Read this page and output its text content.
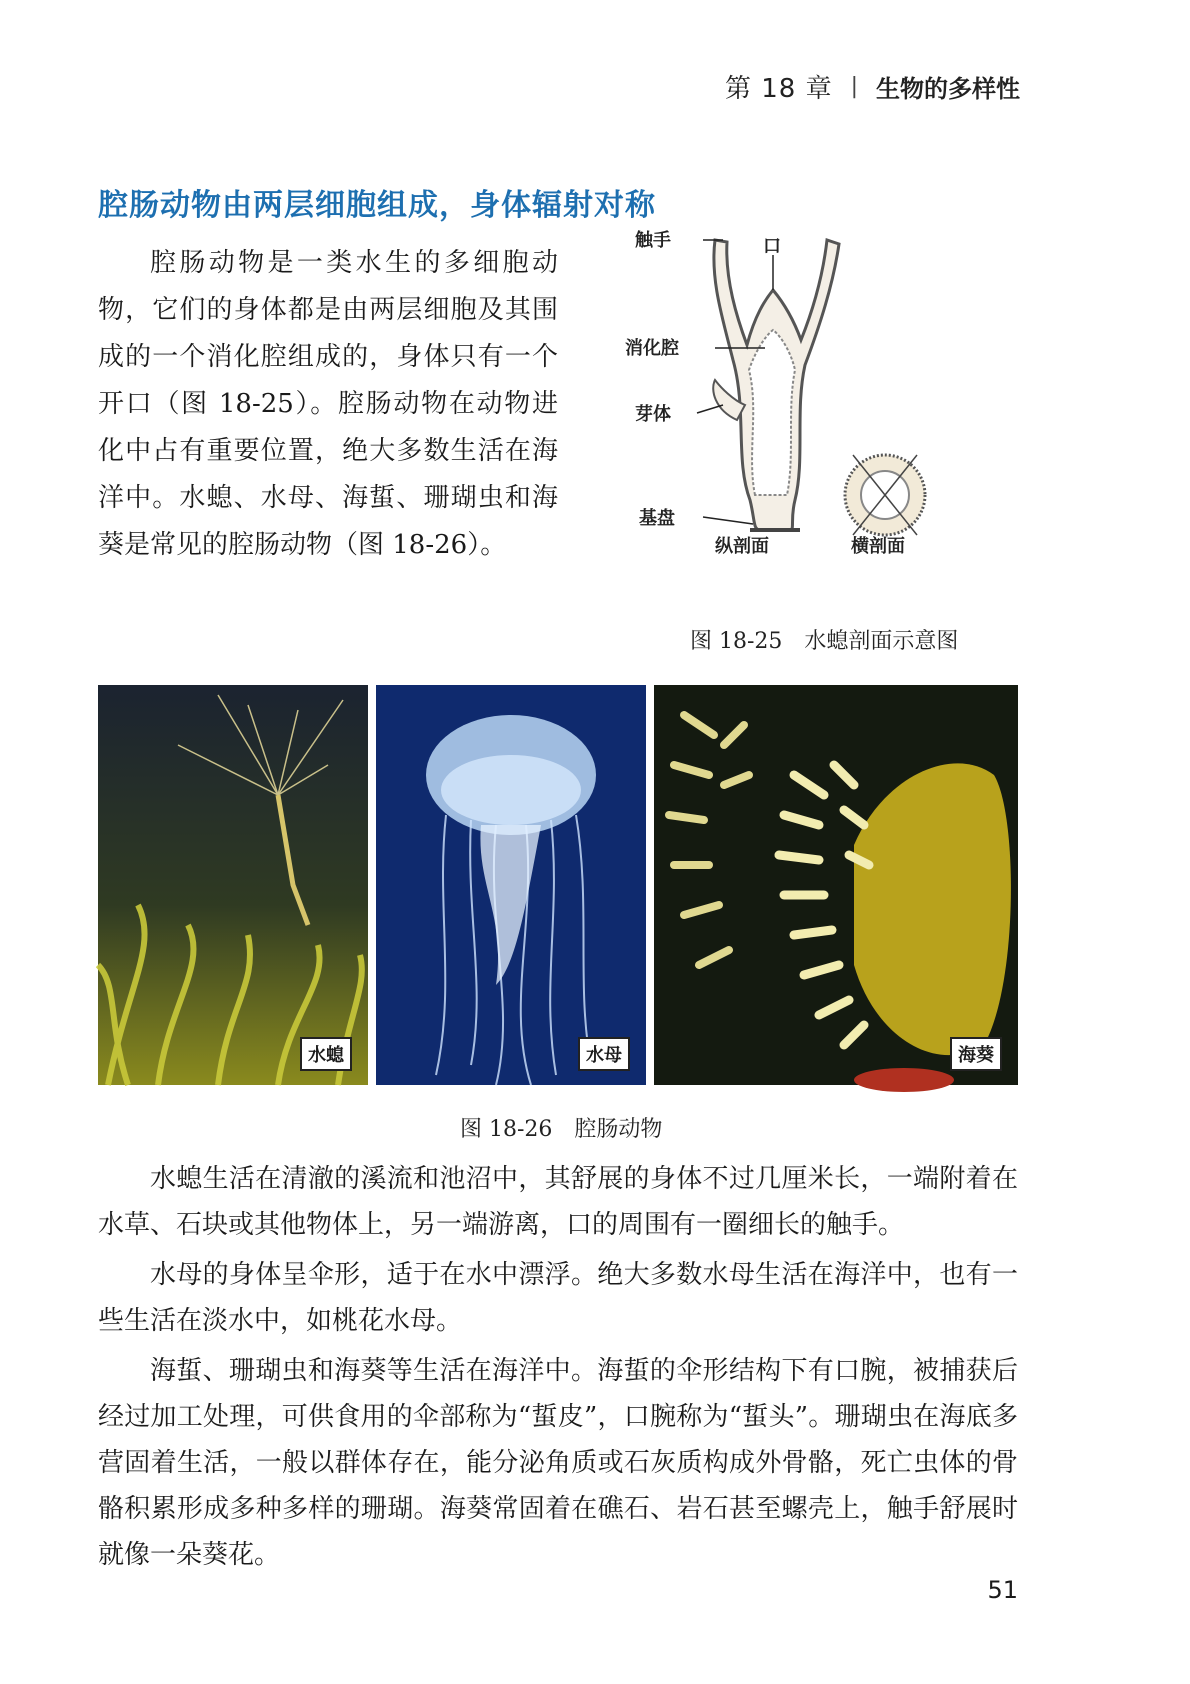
第 18 章 | 生物的多样性
腔肠动物由两层细胞组成，身体辐射对称

腔肠动物是一类水生的多细胞动物，它们的身体都是由两层细胞及其围成的一个消化腔组成的，身体只有一个开口（图 18-25）。腔肠动物在动物进化中占有重要位置，绝大多数生活在海洋中。水螅、水母、海蜇、珊瑚虫和海葵是常见的腔肠动物（图 18-26）。

触手	口
消化腔
芽体
基盘
纵剖面	横剖面
图 18-25　水螅剖面示意图
水螅	水母	海葵
图 18-26　腔肠动物

水螅生活在清澈的溪流和池沼中，其舒展的身体不过几厘米长，一端附着在水草、石块或其他物体上，另一端游离，口的周围有一圈细长的触手。

水母的身体呈伞形，适于在水中漂浮。绝大多数水母生活在海洋中，也有一些生活在淡水中，如桃花水母。

海蜇、珊瑚虫和海葵等生活在海洋中。海蜇的伞形结构下有口腕，被捕获后经过加工处理，可供食用的伞部称为“蜇皮”，口腕称为“蜇头”。珊瑚虫在海底多营固着生活，一般以群体存在，能分泌角质或石灰质构成外骨骼，死亡虫体的骨骼积累形成多种多样的珊瑚。海葵常固着在礁石、岩石甚至螺壳上，触手舒展时就像一朵葵花。

51
